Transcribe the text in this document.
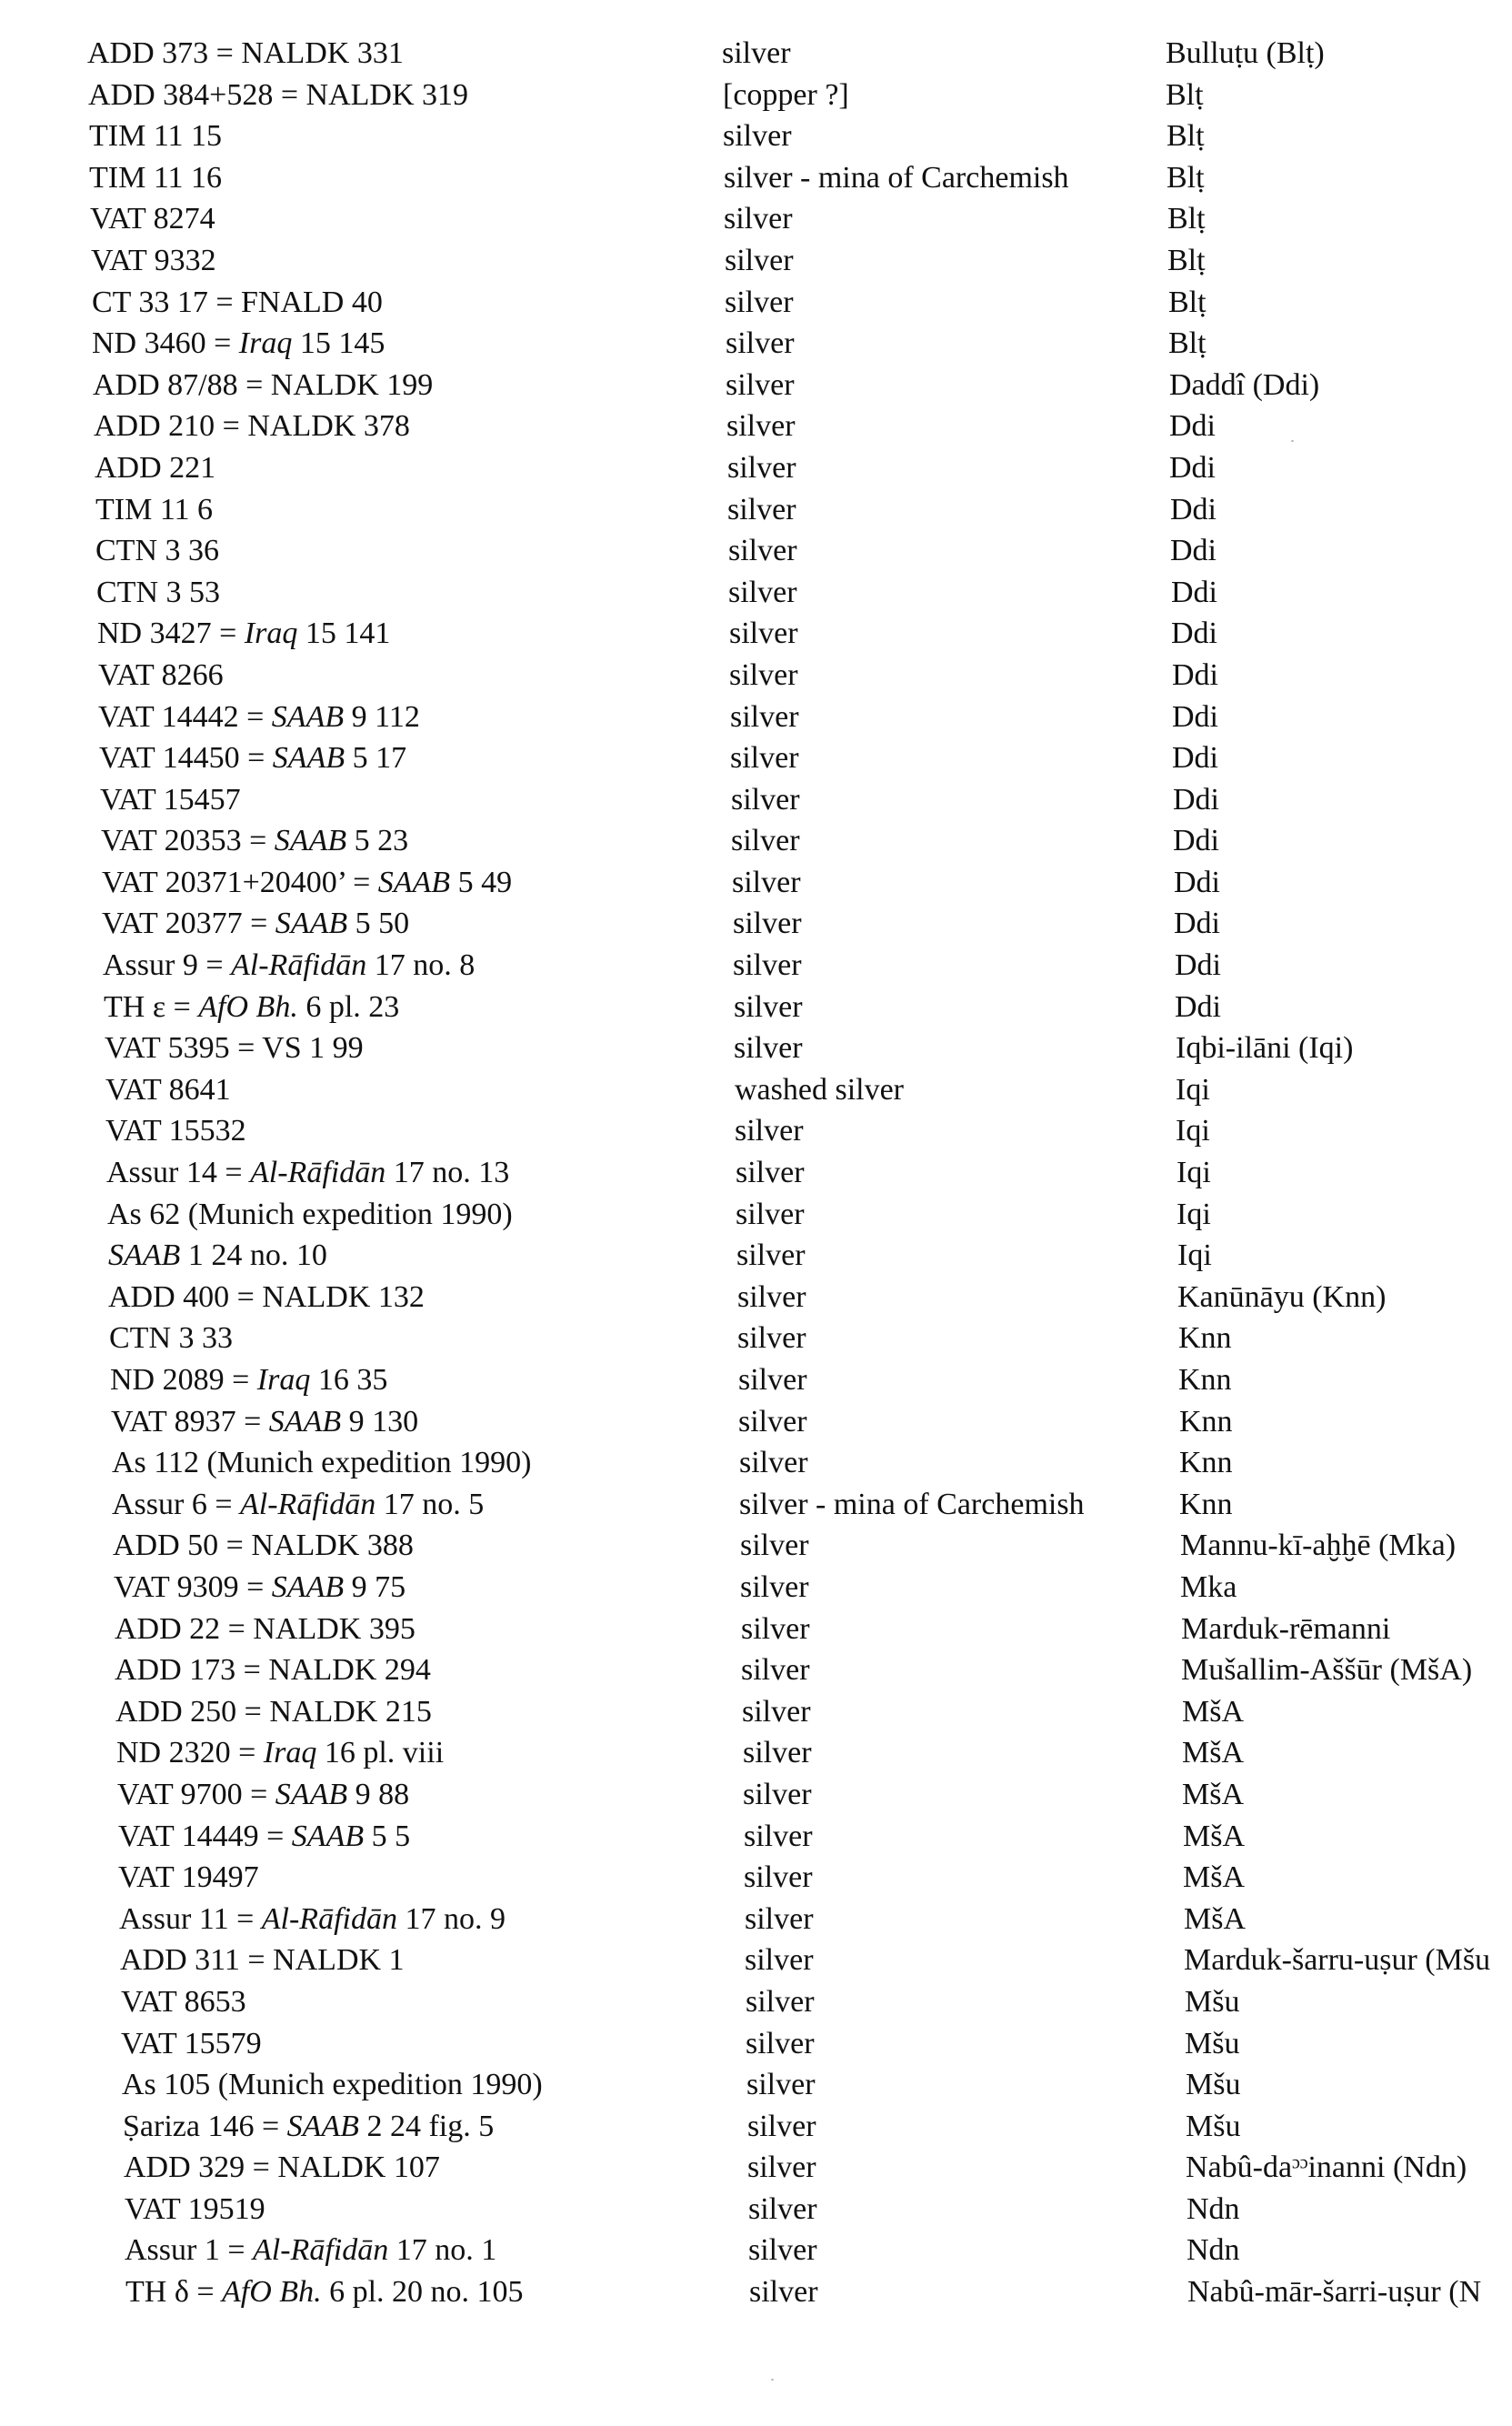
ADD 373 = NALDK 331	silver	Bulluṭu (Blṭ)
ADD 384+528 = NALDK 319	[copper ?]	Blṭ
TIM 11 15	silver	Blṭ
TIM 11 16	silver - mina of Carchemish	Blṭ
VAT 8274	silver	Blṭ
VAT 9332	silver	Blṭ
CT 33 17 = FNALD 40	silver	Blṭ
ND 3460 = Iraq 15 145	silver	Blṭ
ADD 87/88 = NALDK 199	silver	Daddî (Ddi)
ADD 210 = NALDK 378	silver	Ddi
ADD 221	silver	Ddi
TIM 11 6	silver	Ddi
CTN 3 36	silver	Ddi
CTN 3 53	silver	Ddi
ND 3427 = Iraq 15 141	silver	Ddi
VAT 8266	silver	Ddi
VAT 14442 = SAAB 9 112	silver	Ddi
VAT 14450 = SAAB 5 17	silver	Ddi
VAT 15457	silver	Ddi
VAT 20353 = SAAB 5 23	silver	Ddi
VAT 20371+20400’ = SAAB 5 49	silver	Ddi
VAT 20377 = SAAB 5 50	silver	Ddi
Assur 9 = Al-Rāfidān 17 no. 8	silver	Ddi
TH ε = AfO Bh. 6 pl. 23	silver	Ddi
VAT 5395 = VS 1 99	silver	Iqbi-ilāni (Iqi)
VAT 8641	washed silver	Iqi
VAT 15532	silver	Iqi
Assur 14 = Al-Rāfidān 17 no. 13	silver	Iqi
As 62 (Munich expedition 1990)	silver	Iqi
SAAB 1 24 no. 10	silver	Iqi
ADD 400 = NALDK 132	silver	Kanūnāyu (Knn)
CTN 3 33	silver	Knn
ND 2089 = Iraq 16 35	silver	Knn
VAT 8937 = SAAB 9 130	silver	Knn
As 112 (Munich expedition 1990)	silver	Knn
Assur 6 = Al-Rāfidān 17 no. 5	silver - mina of Carchemish	Knn
ADD 50 = NALDK 388	silver	Mannu-kī-aḫḫē (Mka)
VAT 9309 = SAAB 9 75	silver	Mka
ADD 22 = NALDK 395	silver	Marduk-rēmanni
ADD 173 = NALDK 294	silver	Mušallim-Aššūr (MšA)
ADD 250 = NALDK 215	silver	MšA
ND 2320 = Iraq 16 pl. viii	silver	MšA
VAT 9700 = SAAB 9 88	silver	MšA
VAT 14449 = SAAB 5 5	silver	MšA
VAT 19497	silver	MšA
Assur 11 = Al-Rāfidān 17 no. 9	silver	MšA
ADD 311 = NALDK 1	silver	Marduk-šarru-uṣur (Mšu
VAT 8653	silver	Mšu
VAT 15579	silver	Mšu
As 105 (Munich expedition 1990)	silver	Mšu
Ṣariza 146 = SAAB 2 24 fig. 5	silver	Mšu
ADD 329 = NALDK 107	silver	Nabû-daᵓᵓinanni (Ndn)
VAT 19519	silver	Ndn
Assur 1 = Al-Rāfidān 17 no. 1	silver	Ndn
TH δ = AfO Bh. 6 pl. 20 no. 105	silver	Nabû-mār-šarri-uṣur (N
